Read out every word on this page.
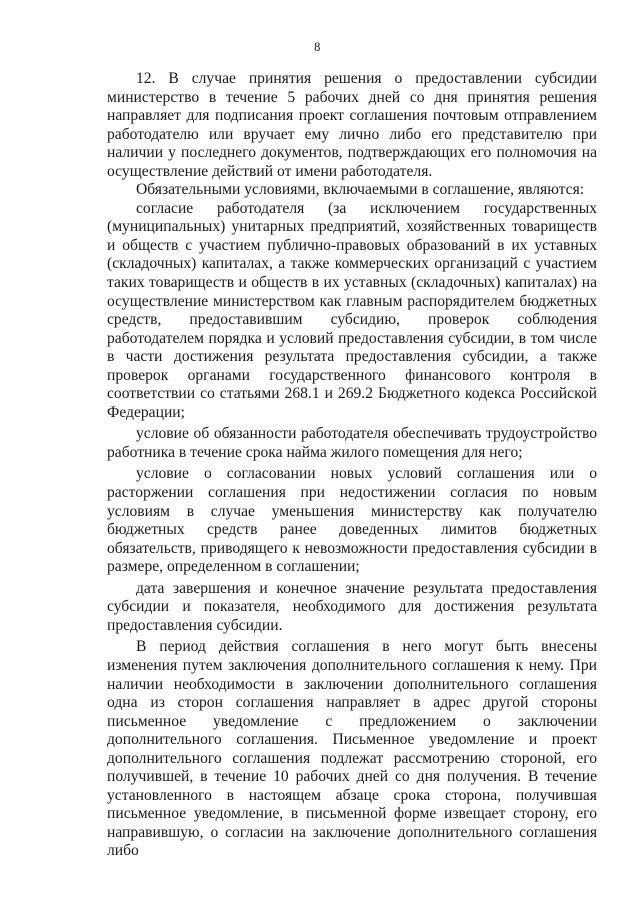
8

12. В случае принятия решения о предоставлении субсидии министерство в течение 5 рабочих дней со дня принятия решения направляет для подписания проект соглашения почтовым отправлением работодателю или вручает ему лично либо его представителю при наличии у последнего документов, подтверждающих его полномочия на осуществление действий от имени работодателя.

Обязательными условиями, включаемыми в соглашение, являются:

согласие работодателя (за исключением государственных (муниципальных) унитарных предприятий, хозяйственных товариществ и обществ с участием публично-правовых образований в их уставных (складочных) капиталах, а также коммерческих организаций с участием таких товариществ и обществ в их уставных (складочных) капиталах) на осуществление министерством как главным распорядителем бюджетных средств, предоставившим субсидию, проверок соблюдения работодателем порядка и условий предоставления субсидии, в том числе в части достижения результата предоставления субсидии, а также проверок органами государственного финансового контроля в соответствии со статьями 268.1 и 269.2 Бюджетного кодекса Российской Федерации;

условие об обязанности работодателя обеспечивать трудоустройство работника в течение срока найма жилого помещения для него;

условие о согласовании новых условий соглашения или о расторжении соглашения при недостижении согласия по новым условиям в случае уменьшения министерству как получателю бюджетных средств ранее доведенных лимитов бюджетных обязательств, приводящего к невозможности предоставления субсидии в размере, определенном в соглашении;

дата завершения и конечное значение результата предоставления субсидии и показателя, необходимого для достижения результата предоставления субсидии.

В период действия соглашения в него могут быть внесены изменения путем заключения дополнительного соглашения к нему. При наличии необходимости в заключении дополнительного соглашения одна из сторон соглашения направляет в адрес другой стороны письменное уведомление с предложением о заключении дополнительного соглашения. Письменное уведомление и проект дополнительного соглашения подлежат рассмотрению стороной, его получившей, в течение 10 рабочих дней со дня получения. В течение установленного в настоящем абзаце срока сторона, получившая письменное уведомление, в письменной форме извещает сторону, его направившую, о согласии на заключение дополнительного соглашения либо
